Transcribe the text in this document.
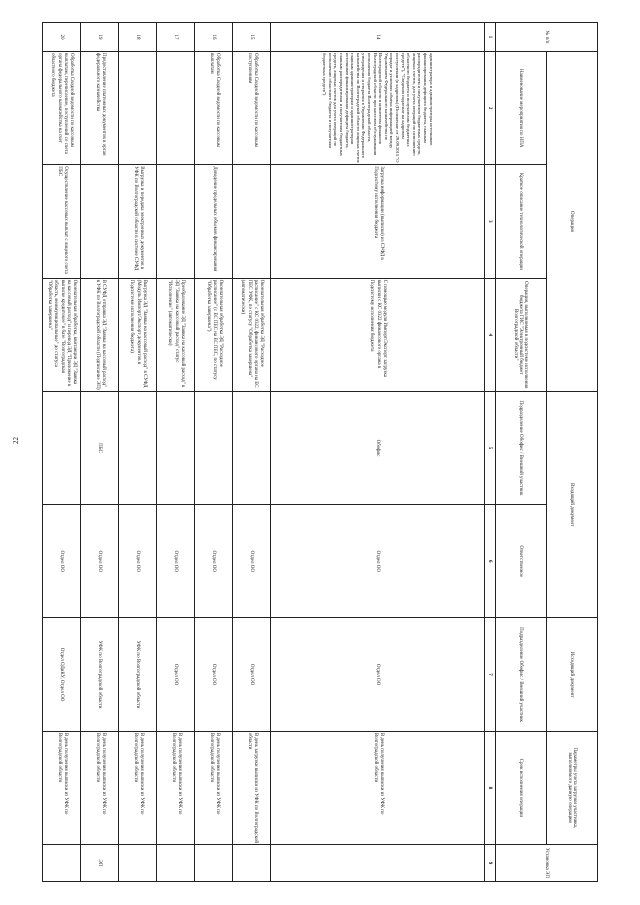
22
№ п/п	Операция			Входящий документ		Исходящий документ	Параметры учета загрузки участника, выполняемого данную операцию	Установка ЭП
	Наименование мероприятия по НПА	Краткое описание технологической операции	Операция, выполняемая в подсистеме исполнения бюджета ГИС "Электронный бюджет Волгоградской области"	Подразделение Обофис / Внешний участник	Ответственное	Подразделение Обофис / Внешний участник	Срок исполнения операции	
1	2	3	4	5	6	7	8	9
14	администратора и администраторы источников финансирования дефицита бюджета, главным распорядителем и получателем бюджетных средств, лицевых счетов, для учета операций по исполнению областного бюджета и получателям бюджетных средств"), "Сведения подлежат на кадровом поступлении (в кадровом) (Положение от 29.09.2015 "О порядке и условиях обмена информацией между Управлением Федерального казначейства по Волгоградской области и комитетом финансов Волгоградской области при кассовом обслуживании исполнения бюджета Волгоградской области, утверждения и открытия в Управлении Федерального казначейства по Волгоградской области лицевых счетов главным администраторам и администраторам источников финансирования дефицита бюджета, главным распорядителям и получателям бюджетных средств, лицевых счетов для учета операций по исполнению областного бюджета и получателям бюджетных средств")	Загрузка информации (выписки) из СУФД в Подсистему исполнения бюджета	С помощью модуля Импорт/Экспорт загрузка выписки с КС 0322 финансового органа в Подсистему исполнения бюджета	Обофис	Отдел ОО	Отдел ОО	В день получения выписки из УФК по Волгоградской области	
15	Обработка Сводной ведомости по кассовым поступлениям		Окончательная обработка ЭД "Расходное расписание" с КС 0322, финансового органа на ЕС ПЕС УФК, по статусу "Обработка завершена" (автоматически)		Отдел ОО	Отдел ОО	В день загрузки выписки из УФК по Волгоградской области	
16	Обработка Сводной ведомости по кассовым выплатам	Доведение предельных объемов финансирования	Окончательная обработка ЭД "Расходное расписание" (с ЕС ПЕС на ЕС ПЕС, по статусу "Обработка завершена")		Отдел ОО	Отдел ОО	В день получения выписки из УФК по Волгоградской области	
17			Преобразование ЭД "Заявка на кассовый расход" в ЭД "Заявка на кассовый расход" статус "Исполнение" (автоматически)		Отдел ОО	Отдел ОО	В день получения выписки из УФК по Волгоградской области	
18		Выгрузка и передача электронных документов в УФК по Волгоградской области в системе СУФД	Выгрузка ЭД "Заявка на кассовый расход" в СУФД (Модуль Импорт/Экспорт документов в Подсистеме исполнения бюджета)		Отдел ОО	УФК по Волгоградской области	В день получения выписки из УФК по Волгоградской области	
19	Предоставление платежных документов в орган федерального казначейства		В СУФД отправка ЭД "Заявка на кассовый расход" в УФК по Волгоградской области (Подписание ЭП)	ПБС	Отдел ОО	УФК по Волгоградской области	В день получения выписки из УФК по Волгоградской области	ЭП
20	Обработка Сводной ведомости по кассовым выплатам, перечисление, поступлений со счета органа федерального казначейства на счет областного бюджета	Осуществление кассовых выплат с лицевого счета ПБС	Окончательная обработка, квитанции ЭД "Заявка на кассовый расход" и перевод ЭД "Приложение к выписке кредитовое" в базе "Волгоградская область, межмуниципальные" до статуса "Обработка завершена"		Отдел ОО	Отдел ОДиКУ, Отдел ОО	В день получения выписки из УФК по Волгоградской области	
